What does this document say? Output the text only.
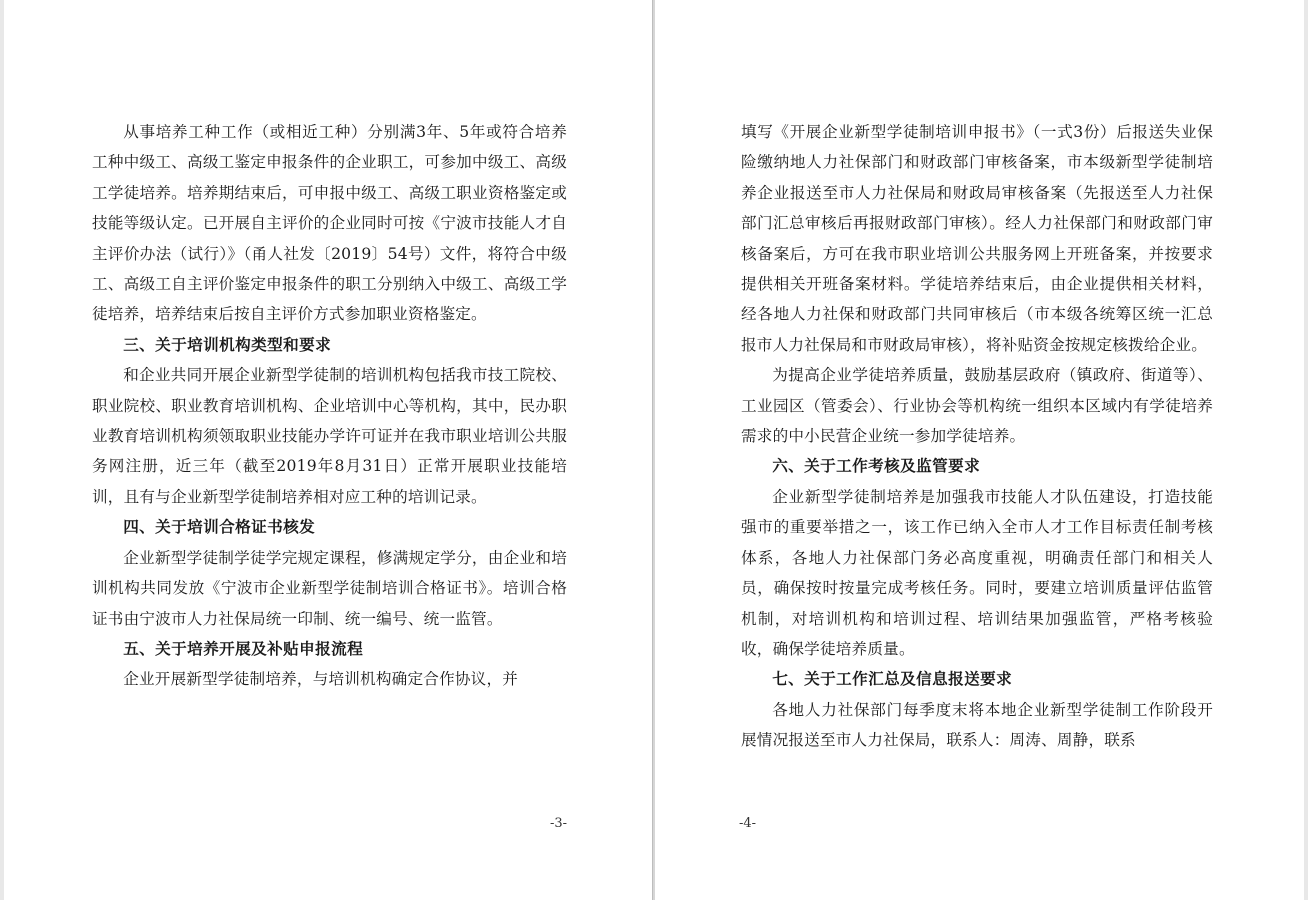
从事培养工种工作（或相近工种）分别满3年、5年或符合培养工种中级工、高级工鉴定申报条件的企业职工，可参加中级工、高级工学徒培养。培养期结束后，可申报中级工、高级工职业资格鉴定或技能等级认定。已开展自主评价的企业同时可按《宁波市技能人才自主评价办法（试行）》（甬人社发〔2019〕54号）文件，将符合中级工、高级工自主评价鉴定申报条件的职工分别纳入中级工、高级工学徒培养，培养结束后按自主评价方式参加职业资格鉴定。

三、关于培训机构类型和要求

和企业共同开展企业新型学徒制的培训机构包括我市技工院校、职业院校、职业教育培训机构、企业培训中心等机构，其中，民办职业教育培训机构须领取职业技能办学许可证并在我市职业培训公共服务网注册，近三年（截至2019年8月31日）正常开展职业技能培训，且有与企业新型学徒制培养相对应工种的培训记录。

四、关于培训合格证书核发

企业新型学徒制学徒学完规定课程，修满规定学分，由企业和培训机构共同发放《宁波市企业新型学徒制培训合格证书》。培训合格证书由宁波市人力社保局统一印制、统一编号、统一监管。

五、关于培养开展及补贴申报流程

企业开展新型学徒制培养，与培训机构确定合作协议，并

-3-

填写《开展企业新型学徒制培训申报书》（一式3份）后报送失业保险缴纳地人力社保部门和财政部门审核备案，市本级新型学徒制培养企业报送至市人力社保局和财政局审核备案（先报送至人力社保部门汇总审核后再报财政部门审核）。经人力社保部门和财政部门审核备案后，方可在我市职业培训公共服务网上开班备案，并按要求提供相关开班备案材料。学徒培养结束后，由企业提供相关材料，经各地人力社保和财政部门共同审核后（市本级各统筹区统一汇总报市人力社保局和市财政局审核），将补贴资金按规定核拨给企业。

为提高企业学徒培养质量，鼓励基层政府（镇政府、街道等）、工业园区（管委会）、行业协会等机构统一组织本区域内有学徒培养需求的中小民营企业统一参加学徒培养。

六、关于工作考核及监管要求

企业新型学徒制培养是加强我市技能人才队伍建设，打造技能强市的重要举措之一，该工作已纳入全市人才工作目标责任制考核体系，各地人力社保部门务必高度重视，明确责任部门和相关人员，确保按时按量完成考核任务。同时，要建立培训质量评估监管机制，对培训机构和培训过程、培训结果加强监管，严格考核验收，确保学徒培养质量。

七、关于工作汇总及信息报送要求

各地人力社保部门每季度末将本地企业新型学徒制工作阶段开展情况报送至市人力社保局，联系人：周涛、周静，联系

-4-
